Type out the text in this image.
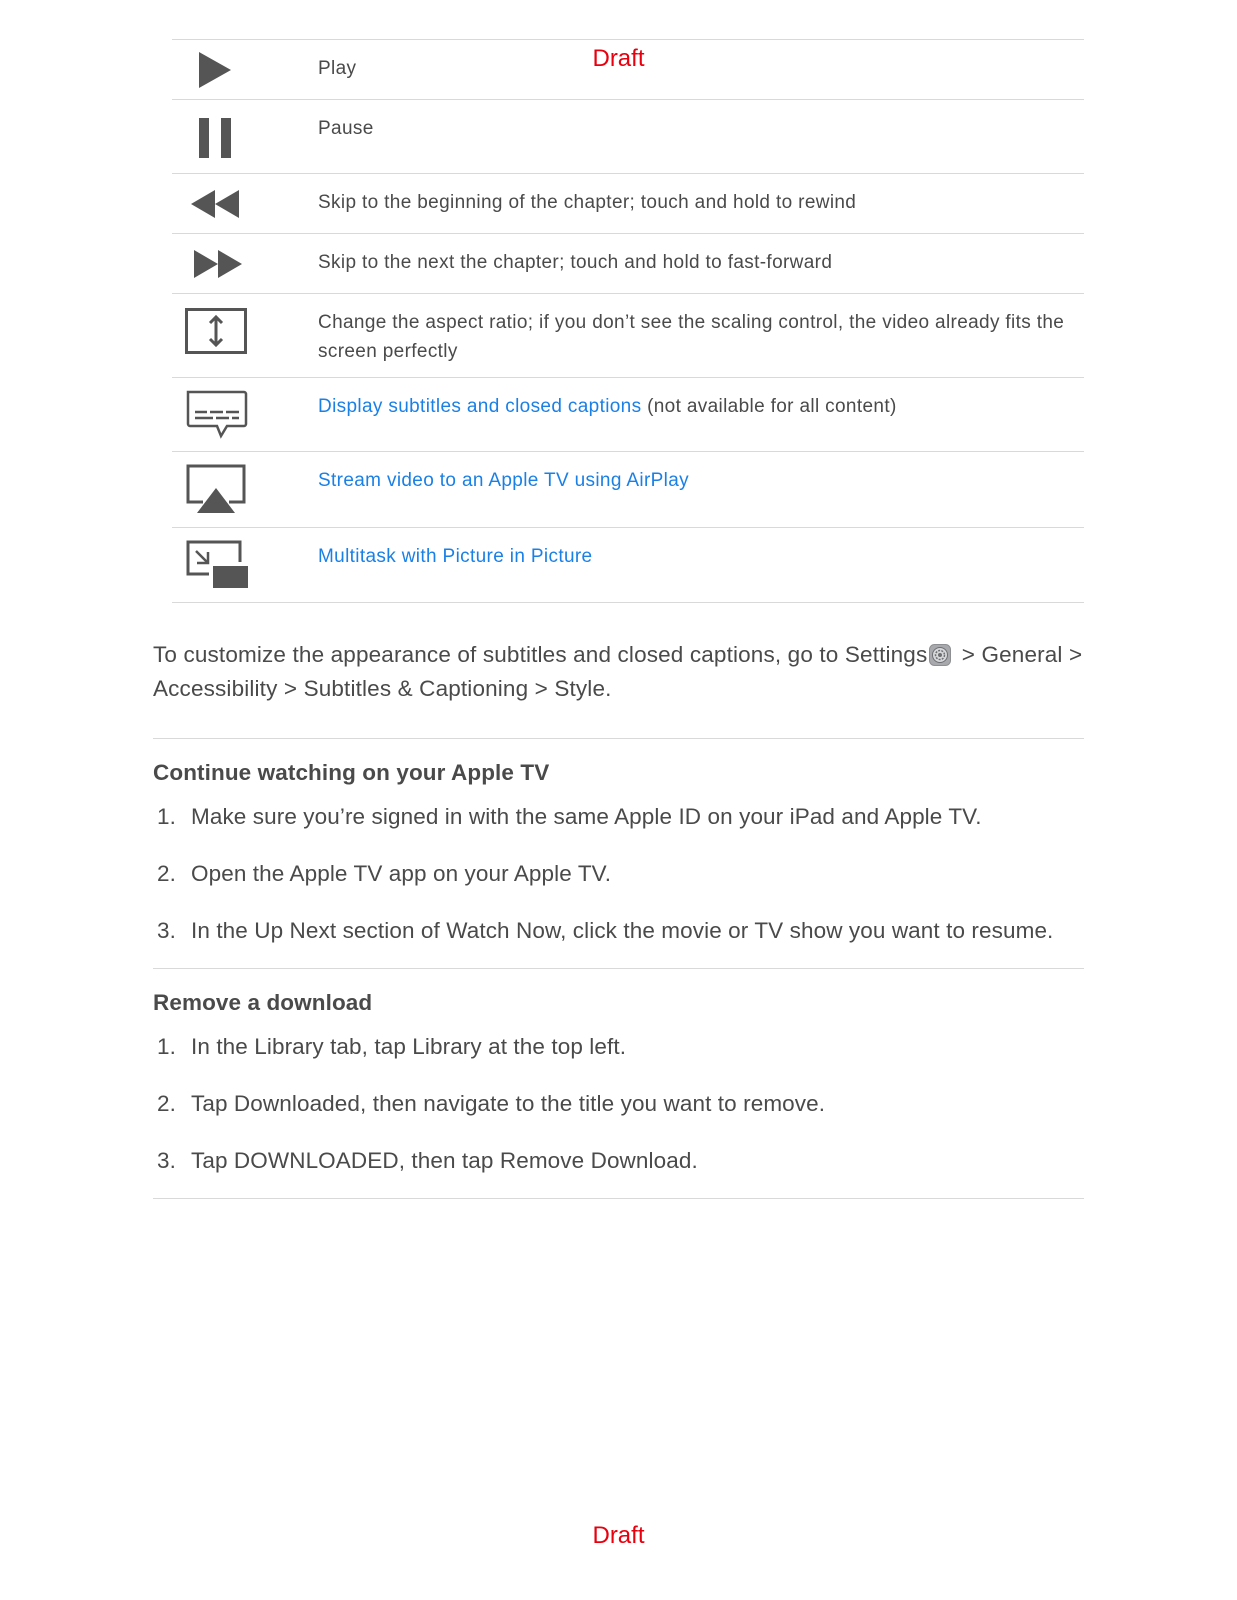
Draft
Play
Pause
Skip to the beginning of the chapter; touch and hold to rewind
Skip to the next the chapter; touch and hold to fast-forward
Change the aspect ratio; if you don’t see the scaling control, the video already fits the screen perfectly
Display subtitles and closed captions (not available for all content)
Stream video to an Apple TV using AirPlay
Multitask with Picture in Picture
To customize the appearance of subtitles and closed captions, go to Settings > General > Accessibility > Subtitles & Captioning > Style.
Continue watching on your Apple TV
1. Make sure you’re signed in with the same Apple ID on your iPad and Apple TV.
2. Open the Apple TV app on your Apple TV.
3. In the Up Next section of Watch Now, click the movie or TV show you want to resume.
Remove a download
1. In the Library tab, tap Library at the top left.
2. Tap Downloaded, then navigate to the title you want to remove.
3. Tap DOWNLOADED, then tap Remove Download.
Draft
